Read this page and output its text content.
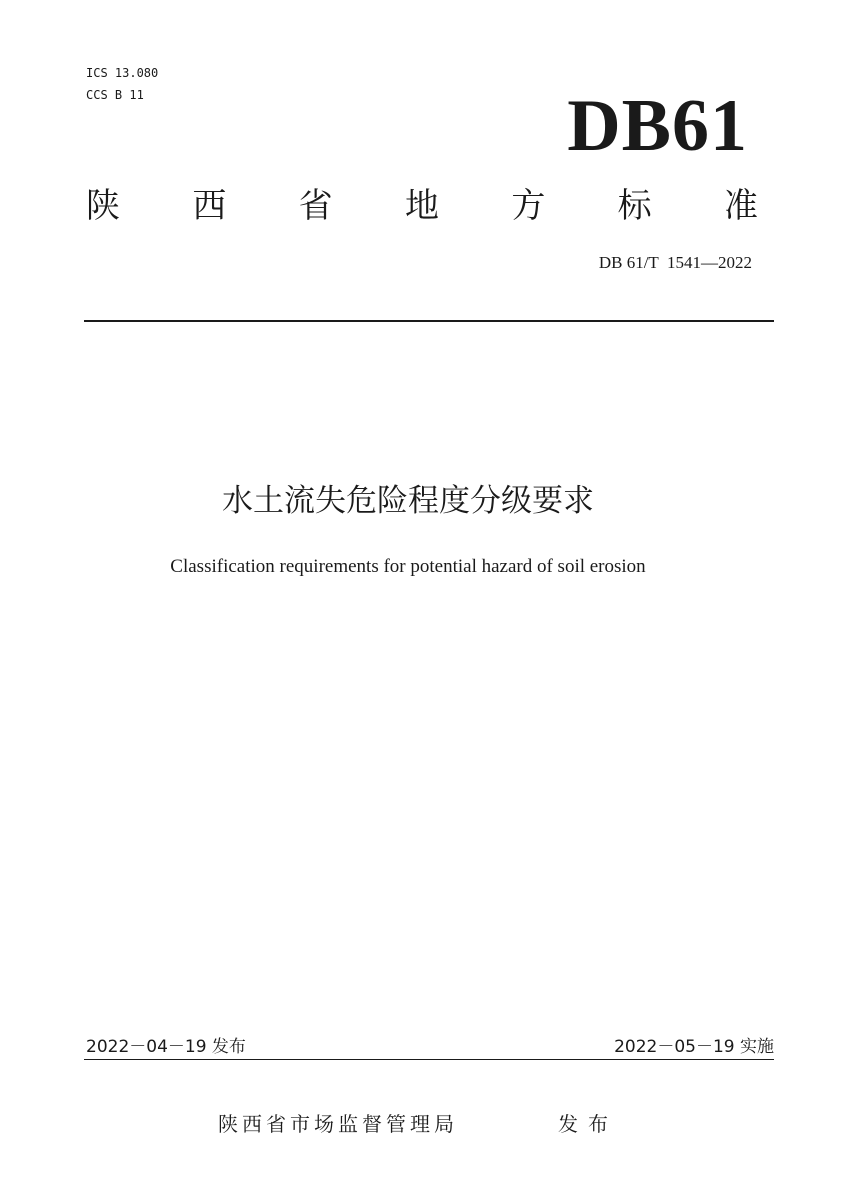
ICS 13.080
CCS B 11	DB61
陕 西 省 地 方 标 准
DB 61/T  1541—2022
水土流失危险程度分级要求
Classification requirements for potential hazard of soil erosion
2022－04－19 发布	2022－05－19 实施
陕西省市场监督管理局	发布
